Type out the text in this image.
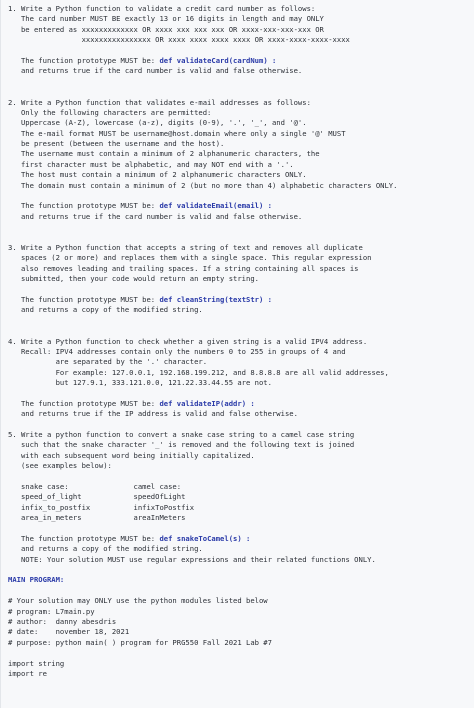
1. Write a Python function to validate a credit card number as follows:
The card number MUST BE exactly 13 or 16 digits in length and may ONLY
be entered as xxxxxxxxxxxxx OR xxxx xxx xxx xxx OR xxxx-xxx-xxx-xxx OR
xxxxxxxxxxxxxxxx OR xxxx xxxx xxxx xxxx OR xxxx-xxxx-xxxx-xxxx
The function prototype MUST be: def validateCard(cardNum) :
and returns true if the card number is valid and false otherwise.
2. Write a Python function that validates e-mail addresses as follows:
Only the following characters are permitted:
Uppercase (A-Z), lowercase (a-z), digits (0-9), '.', '_', and '@'.
The e-mail format MUST be username@host.domain where only a single '@' MUST
be present (between the username and the host).
The username must contain a minimum of 2 alphanumeric characters, the
first character must be alphabetic, and may NOT end with a '.'.
The host must contain a minimum of 2 alphanumeric characters ONLY.
The domain must contain a minimum of 2 (but no more than 4) alphabetic characters ONLY.
The function prototype MUST be: def validateEmail(email) :
and returns true if the card number is valid and false otherwise.
3. Write a Python function that accepts a string of text and removes all duplicate
spaces (2 or more) and replaces them with a single space. This regular expression
also removes leading and trailing spaces. If a string containing all spaces is
submitted, then your code would return an empty string.
The function prototype MUST be: def cleanString(textStr) :
and returns a copy of the modified string.
4. Write a Python function to check whether a given string is a valid IPV4 address.
Recall: IPV4 addresses contain only the numbers 0 to 255 in groups of 4 and
are separated by the '.' character.
For example: 127.0.0.1, 192.168.199.212, and 8.8.8.8 are all valid addresses,
but 127.9.1, 333.121.0.0, 121.22.33.44.55 are not.
The function prototype MUST be: def validateIP(addr) :
and returns true if the IP address is valid and false otherwise.
5. Write a python function to convert a snake case string to a camel case string
such that the snake character '_' is removed and the following text is joined
with each subsequent word being initially capitalized.
(see examples below):
snake case:               camel case:
speed_of_light            speedOfLight
infix_to_postfix          infixToPostfix
area_in_meters            areaInMeters
The function prototype MUST be: def snakeToCamel(s) :
and returns a copy of the modified string.
NOTE: Your solution MUST use regular expressions and their related functions ONLY.
MAIN PROGRAM:
# Your solution may ONLY use the python modules listed below
# program: L7main.py
# author:  danny abesdris
# date:    november 18, 2021
# purpose: python main( ) program for PRG550 Fall 2021 Lab #7
import string
import re
